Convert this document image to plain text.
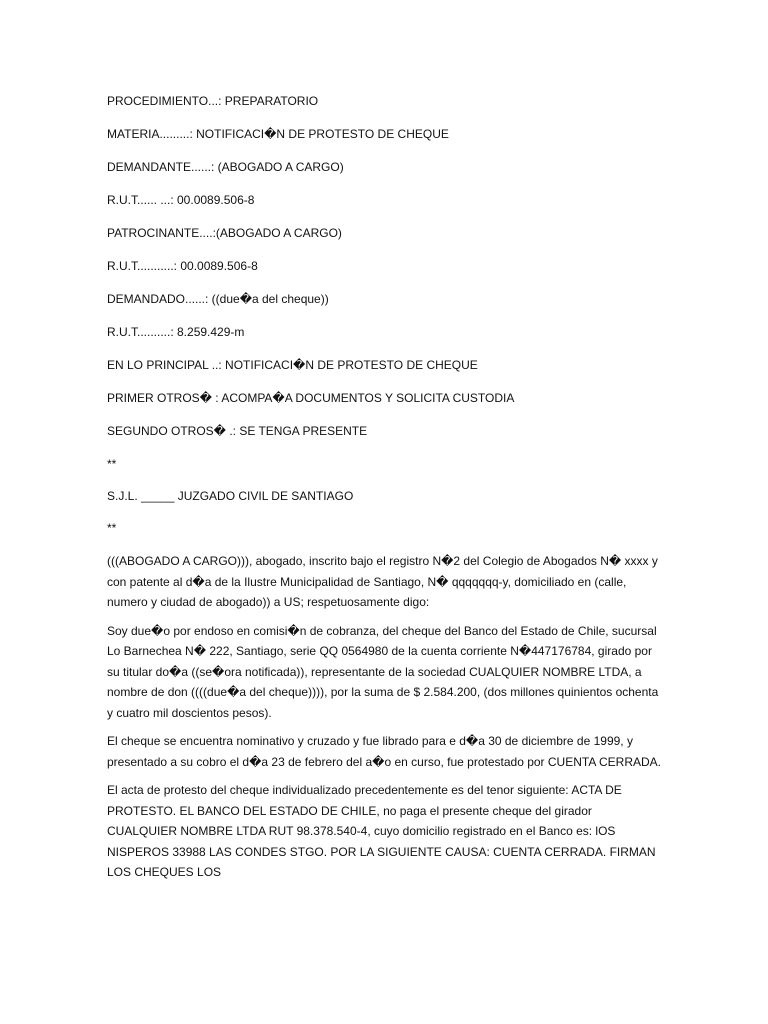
PROCEDIMIENTO...: PREPARATORIO
MATERIA.........: NOTIFICACI�N DE PROTESTO DE CHEQUE
DEMANDANTE......: (ABOGADO A CARGO)
R.U.T...... ...: 00.0089.506-8
PATROCINANTE....:(ABOGADO A CARGO)
R.U.T...........: 00.0089.506-8
DEMANDADO......: ((due�a del cheque))
R.U.T..........: 8.259.429-m
EN LO PRINCIPAL ..: NOTIFICACI�N DE PROTESTO DE CHEQUE
PRIMER OTROS� : ACOMPA�A DOCUMENTOS Y SOLICITA CUSTODIA
SEGUNDO OTROS� .: SE TENGA PRESENTE
**
S.J.L. _____ JUZGADO CIVIL DE SANTIAGO
**

(((ABOGADO A CARGO))), abogado, inscrito bajo el registro N�2 del Colegio de Abogados N� xxxx y con patente al d�a de la Ilustre Municipalidad de Santiago, N� qqqqqqq-y, domiciliado en (calle, numero y ciudad de abogado)) a US; respetuosamente digo:

Soy due�o por endoso en comisi�n de cobranza, del cheque del Banco del Estado de Chile, sucursal Lo Barnechea N� 222, Santiago, serie QQ 0564980 de la cuenta corriente N�447176784, girado por su titular do�a ((se�ora notificada)), representante de la sociedad CUALQUIER NOMBRE LTDA, a nombre de don ((((due�a del cheque)))), por la suma de $ 2.584.200, (dos millones quinientos ochenta y cuatro mil doscientos pesos).

El cheque se encuentra nominativo y cruzado y fue librado para e d�a 30 de diciembre de 1999, y presentado a su cobro el d�a 23 de febrero del a�o en curso, fue protestado por CUENTA CERRADA.

El acta de protesto del cheque individualizado precedentemente es del tenor siguiente: ACTA DE PROTESTO. EL BANCO DEL ESTADO DE CHILE, no paga el presente cheque del girador CUALQUIER NOMBRE LTDA RUT 98.378.540-4, cuyo domicilio registrado en el Banco es: lOS NISPEROS 33988 LAS CONDES STGO. POR LA SIGUIENTE CAUSA: CUENTA CERRADA. FIRMAN LOS CHEQUES LOS
